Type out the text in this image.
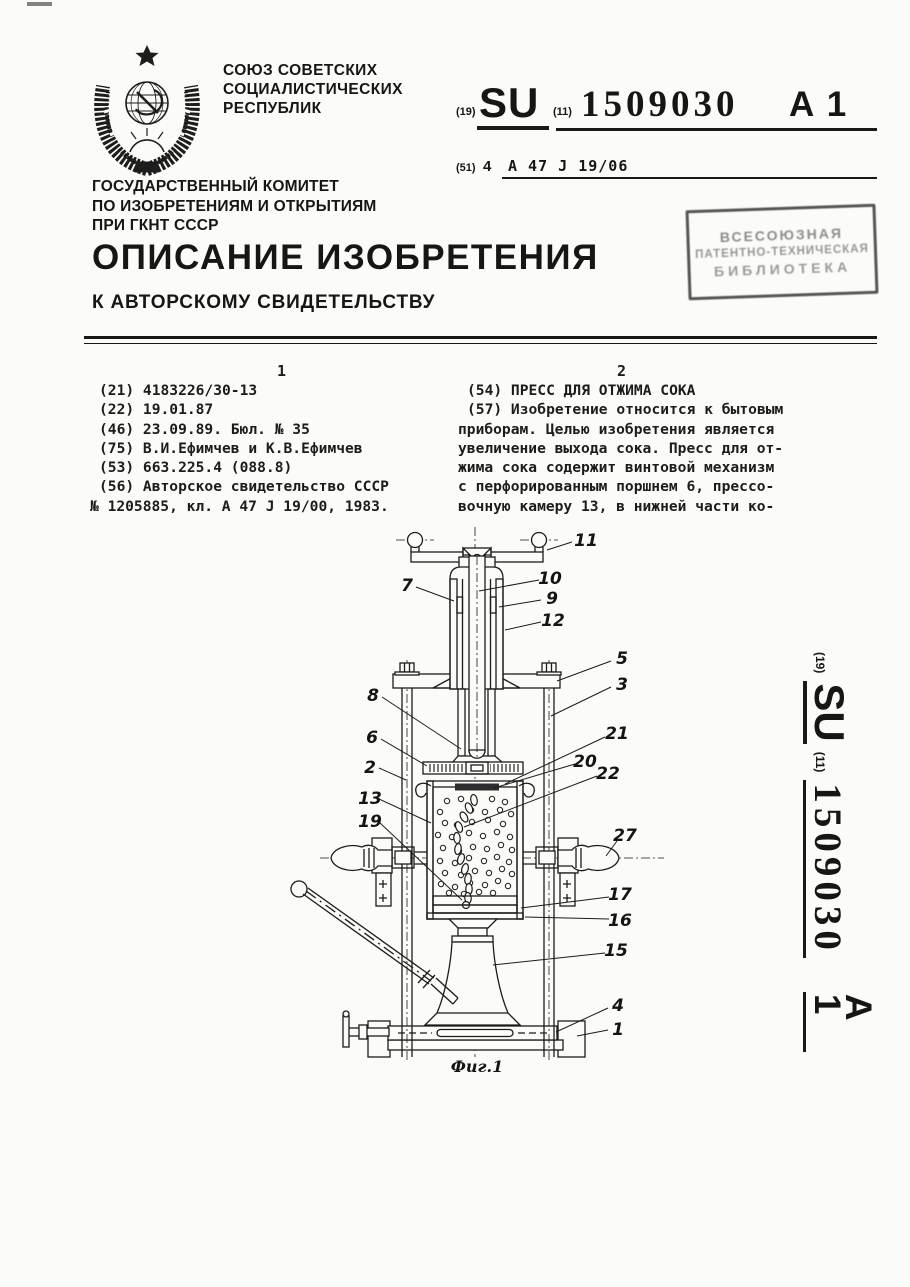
СОЮЗ СОВЕТСКИХ
СОЦИАЛИСТИЧЕСКИХ
РЕСПУБЛИК
ГОСУДАРСТВЕННЫЙ КОМИТЕТ
ПО ИЗОБРЕТЕНИЯМ И ОТКРЫТИЯМ
ПРИ ГКНТ СССР
(19) SU (11) 1509030 A 1
(51) 4 A 47 J 19/06
ВСЕСОЮЗНАЯ
ПАТЕНТНО-ТЕХНИЧЕСКАЯ
БИБЛИОТЕКА
ОПИСАНИЕ ИЗОБРЕТЕНИЯ
К АВТОРСКОМУ СВИДЕТЕЛЬСТВУ
1	2
(21) 4183226/30-13
(22) 19.01.87
(46) 23.09.89. Бюл. № 35
(75) В.И.Ефимчев и К.В.Ефимчев
(53) 663.225.4 (088.8)
(56) Авторское свидетельство СССР
№ 1205885, кл. A 47 J 19/00, 1983.
(54) ПРЕСС ДЛЯ ОТЖИМА СОКА
(57) Изобретение относится к бытовым
приборам. Целью изобретения является
увеличение выхода сока. Пресс для от-
жима сока содержит винтовой механизм
с перфорированным поршнем 6, прессо-
вочную камеру 13, в нижней части ко-
11
7	10
9
12
5
3
8
6
2
21
20
22
13
19
27
17
16
15
4
1
Фиг.1
(19)
SU
(11)
1509030
A 1
